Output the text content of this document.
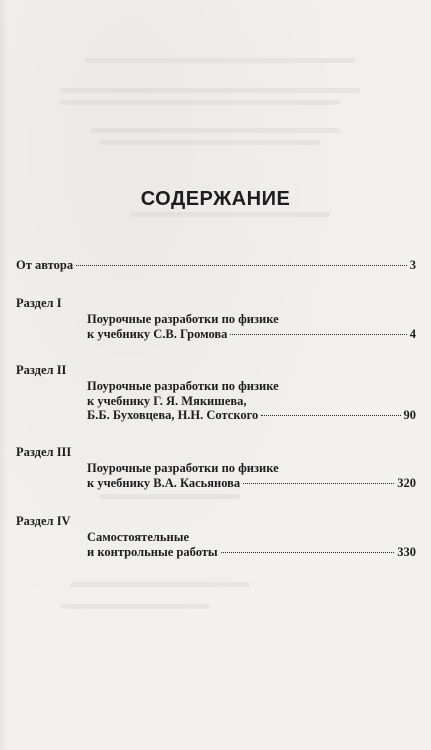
СОДЕРЖАНИЕ
От автора	3
Раздел I
Поурочные разработки по физике
к учебнику С.В. Громова	4
Раздел II
Поурочные разработки по физике
к учебнику Г. Я. Мякишева,
Б.Б. Буховцева, Н.Н. Сотского	90
Раздел III
Поурочные разработки по физике
к учебнику В.А. Касьянова	320
Раздел IV
Самостоятельные
и контрольные работы	330
